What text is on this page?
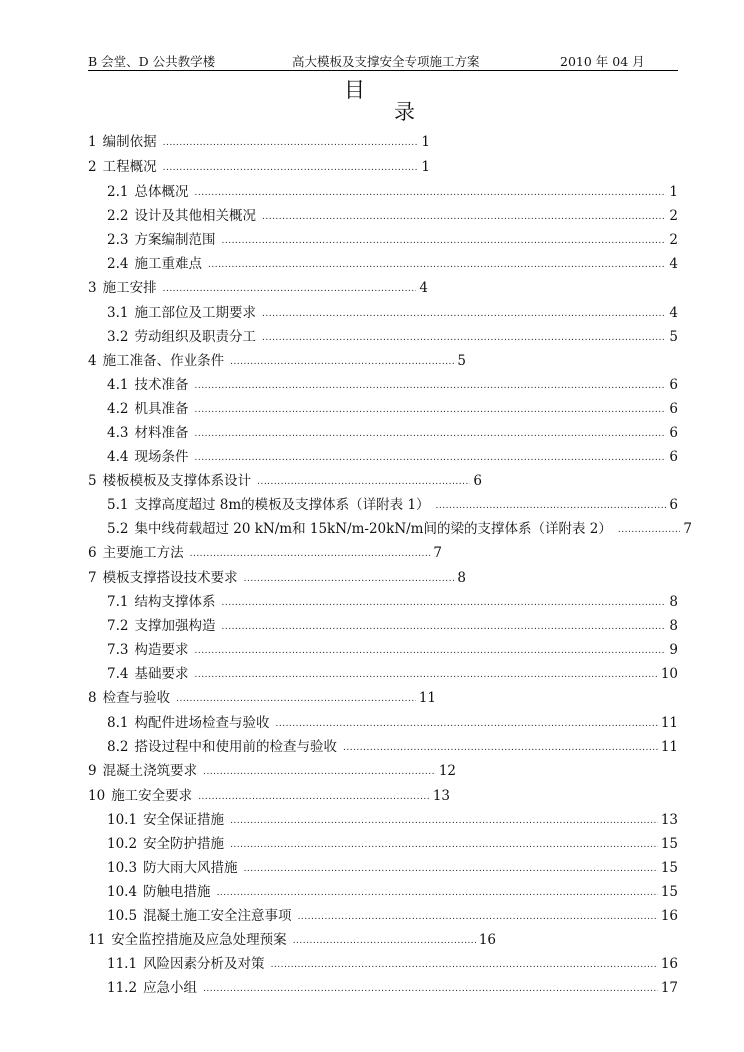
B 会堂、D 公共教学楼	高大模板及支撑安全专项施工方案	2010 年 04 月
目
录
1 编制依据 .....	1
2 工程概况 .....	1
2.1 总体概况 .....	1
2.2 设计及其他相关概况 .....	2
2.3 方案编制范围 .....	2
2.4 施工重难点 .....	4
3 施工安排 .....	4
3.1 施工部位及工期要求 .....	4
3.2 劳动组织及职责分工 .....	5
4 施工准备、作业条件 .....	5
4.1 技术准备 .....	6
4.2 机具准备 .....	6
4.3 材料准备 .....	6
4.4 现场条件 .....	6
5 楼板模板及支撑体系设计 .....	6
5.1 支撑高度超过 8m的模板及支撑体系（详附表 1） .....	6
5.2 集中线荷载超过 20 kN/m和 15kN/m-20kN/m间的梁的支撑体系（详附表 2） .....	7
6 主要施工方法 .....	7
7 模板支撑搭设技术要求 .....	8
7.1 结构支撑体系 .....	8
7.2 支撑加强构造 .....	8
7.3 构造要求 .....	9
7.4 基础要求 .....	10
8 检查与验收 .....	11
8.1 构配件进场检查与验收 .....	11
8.2 搭设过程中和使用前的检查与验收 .....	11
9 混凝土浇筑要求 .....	12
10 施工安全要求 .....	13
10.1 安全保证措施 .....	13
10.2 安全防护措施 .....	15
10.3 防大雨大风措施 .....	15
10.4 防触电措施 .....	15
10.5 混凝土施工安全注意事项 .....	16
11 安全监控措施及应急处理预案 .....	16
11.1 风险因素分析及对策 .....	16
11.2 应急小组 .....	17
